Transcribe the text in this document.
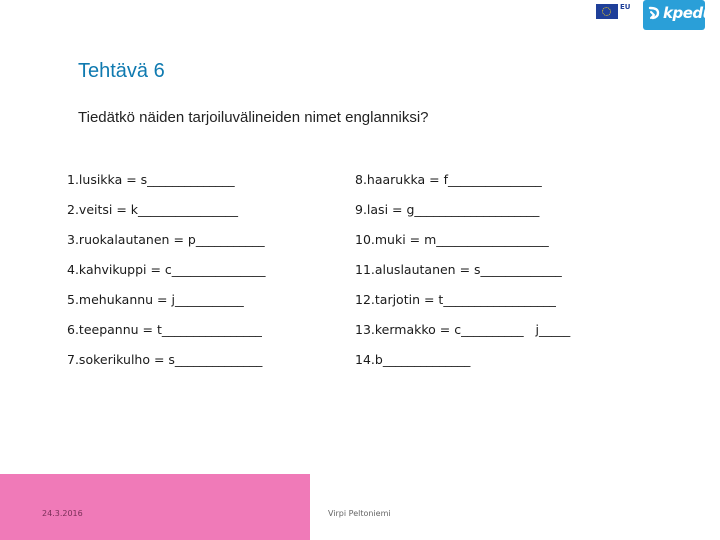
EU	kpedu
Tehtävä 6
Tiedätkö näiden tarjoiluvälineiden nimet englanniksi?
1.lusikka = s______________
2.veitsi = k________________
3.ruokalautanen = p___________
4.kahvikuppi = c_______________
5.mehukannu = j___________
6.teepannu = t________________
7.sokerikulho = s______________
8.haarukka = f_______________
9.lasi = g____________________
10.muki = m__________________
11.aluslautanen = s_____________
12.tarjotin = t__________________
13.kermakko = c__________   j_____
14.b______________
24.3.2016	Virpi Peltoniemi
